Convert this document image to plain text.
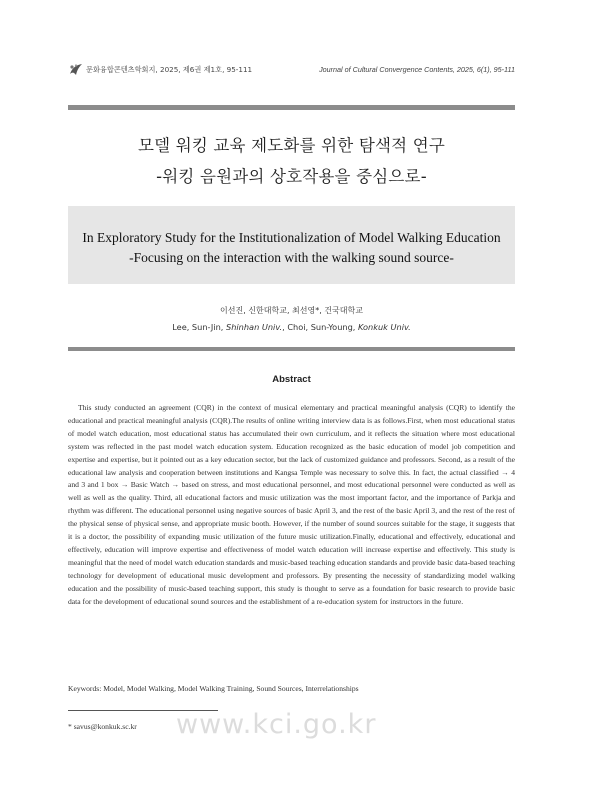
문화융합콘텐츠학회지, 2025, 제6권 제1호, 95-111	Journal of Cultural Convergence Contents, 2025, 6(1), 95-111
모델 워킹 교육 제도화를 위한 탐색적 연구
-워킹 음원과의 상호작용을 중심으로-
In Exploratory Study for the Institutionalization of Model Walking Education
-Focusing on the interaction with the walking sound source-
이선진, 신한대학교, 최선영*, 건국대학교
Lee, Sun-Jin, Shinhan Univ., Choi, Sun-Young, Konkuk Univ.
Abstract

This study conducted an agreement (CQR) in the context of musical elementary and practical meaningful analysis (CQR) to identify the educational and practical meaningful analysis (CQR).The results of online writing interview data is as follows.First, when most educational status of model watch education, most educational status has accumulated their own curriculum, and it reflects the situation where most educational system was reflected in the past model watch education system. Education recognized as the basic education of model job competition and expertise and expertise, but it pointed out as a key education sector, but the lack of customized guidance and professors. Second, as a result of the educational law analysis and cooperation between institutions and Kangsa Temple was necessary to solve this. In fact, the actual classified → 4 and 3 and 1 box → Basic Watch → based on stress, and most educational personnel, and most educational personnel were conducted as well as well as well as the quality. Third, all educational factors and music utilization was the most important factor, and the importance of Parkja and rhythm was different. The educational personnel using negative sources of basic April 3, and the rest of the basic April 3, and the rest of the rest of the physical sense of physical sense, and appropriate music booth. However, if the number of sound sources suitable for the stage, it suggests that it is a doctor, the possibility of expanding music utilization of the future music utilization.Finally, educational and effectively, educational and effectively, education will improve expertise and effectiveness of model watch education will increase expertise and effectively. This study is meaningful that the need of model watch education standards and music-based teaching education standards and provide basic data-based teaching technology for development of educational music development and professors. By presenting the necessity of standardizing model walking education and the possibility of music-based teaching support, this study is thought to serve as a foundation for basic research to provide basic data for the development of educational sound sources and the establishment of a re-education system for instructors in the future.

Keywords: Model, Model Walking, Model Walking Training, Sound Sources, Interrelationships
* savus@konkuk.sc.kr www.kci.go.kr
